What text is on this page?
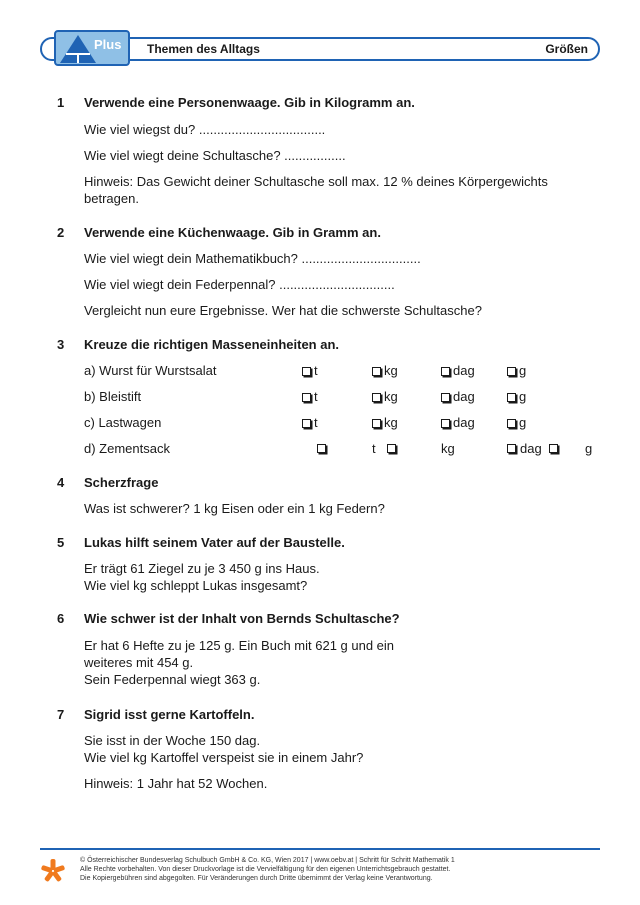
Plus Themen des Alltags	Größen
1 Verwende eine Personenwaage. Gib in Kilogramm an.
Wie viel wiegst du? ...................................
Wie viel wiegt deine Schultasche? .................
Hinweis: Das Gewicht deiner Schultasche soll max. 12 % deines Körpergewichts
betragen.
2 Verwende eine Küchenwaage. Gib in Gramm an.
Wie viel wiegt dein Mathematikbuch? .................................
Wie viel wiegt dein Federpennal? ................................
Vergleicht nun eure Ergebnisse. Wer hat die schwerste Schultasche?
3 Kreuze die richtigen Masseneinheiten an.
a) Wurst für Wurstsalat	t	kg	dag	g
b) Bleistift	t	kg	dag	g
c) Lastwagen	t	kg	dag	g
d) Zementsack	t	kg	dag	g
4 Scherzfrage
Was ist schwerer? 1 kg Eisen oder ein 1 kg Federn?
5 Lukas hilft seinem Vater auf der Baustelle.
Er trägt 61 Ziegel zu je 3 450 g ins Haus.
Wie viel kg schleppt Lukas insgesamt?
6 Wie schwer ist der Inhalt von Bernds Schultasche?
Er hat 6 Hefte zu je 125 g. Ein Buch mit 621 g und ein
weiteres mit 454 g.
Sein Federpennal wiegt 363 g.
7 Sigrid isst gerne Kartoffeln.
Sie isst in der Woche 150 dag.
Wie viel kg Kartoffel verspeist sie in einem Jahr?
Hinweis: 1 Jahr hat 52 Wochen.
© Österreichischer Bundesverlag Schulbuch GmbH & Co. KG, Wien 2017 | www.oebv.at | Schritt für Schritt Mathematik 1
Alle Rechte vorbehalten. Von dieser Druckvorlage ist die Vervielfältigung für den eigenen Unterrichtsgebrauch gestattet.
Die Kopiergebühren sind abgegolten. Für Veränderungen durch Dritte übernimmt der Verlag keine Verantwortung.
